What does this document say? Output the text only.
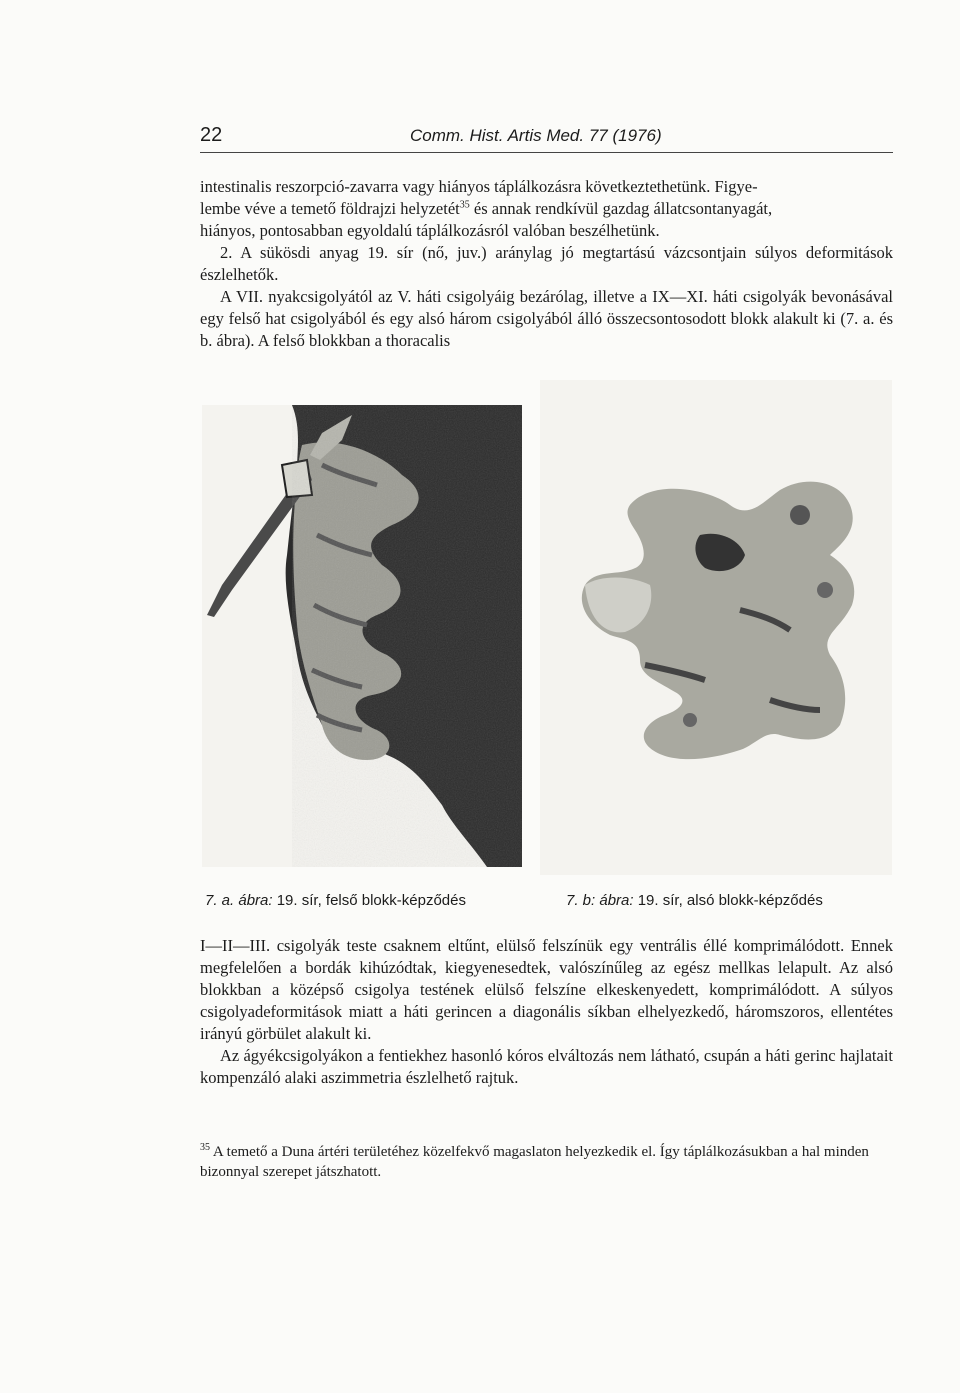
22	Comm. Hist. Artis Med. 77 (1976)

intestinalis reszorpció-zavarra vagy hiányos táplálkozásra következtethetünk. Figye-
lembe véve a temető földrajzi helyzetét$^{35}$ és annak rendkívül gazdag állatcsontanyagát,
hiányos, pontosabban egyoldalú táplálkozásról valóban beszélhetünk.

2. A sükösdi anyag 19. sír (nő, juv.) aránylag jó megtartású vázcsontjain súlyos deformitások észlelhetők.

A VII. nyakcsigolyától az V. háti csigolyáig bezárólag, illetve a IX—XI. háti csigolyák bevonásával egy felső hat csigolyából és egy alsó három csigolyából álló összecsontosodott blokk alakult ki (7. a. és b. ábra). A felső blokkban a thoracalis

7. a. ábra: 19. sír, felső blokk-képződés	7. b: ábra: 19. sír, alsó blokk-képződés

I—II—III. csigolyák teste csaknem eltűnt, elülső felszínük egy ventrális éllé komprimálódott. Ennek megfelelően a bordák kihúzódtak, kiegyenesedtek, valószínűleg az egész mellkas lelapult. Az alsó blokkban a középső csigolya testének elülső felszíne elkeskenyedett, komprimálódott. A súlyos csigolyadeformitások miatt a háti gerincen a diagonális síkban elhelyezkedő, háromszoros, ellentétes irányú görbület alakult ki.

Az ágyékcsigolyákon a fentiekhez hasonló kóros elváltozás nem látható, csupán a háti gerinc hajlatait kompenzáló alaki aszimmetria észlelhető rajtuk.

$^{35}$ A temető a Duna ártéri területéhez közelfekvő magaslaton helyezkedik el. Így táplálkozásukban a hal minden bizonnyal szerepet játszhatott.
